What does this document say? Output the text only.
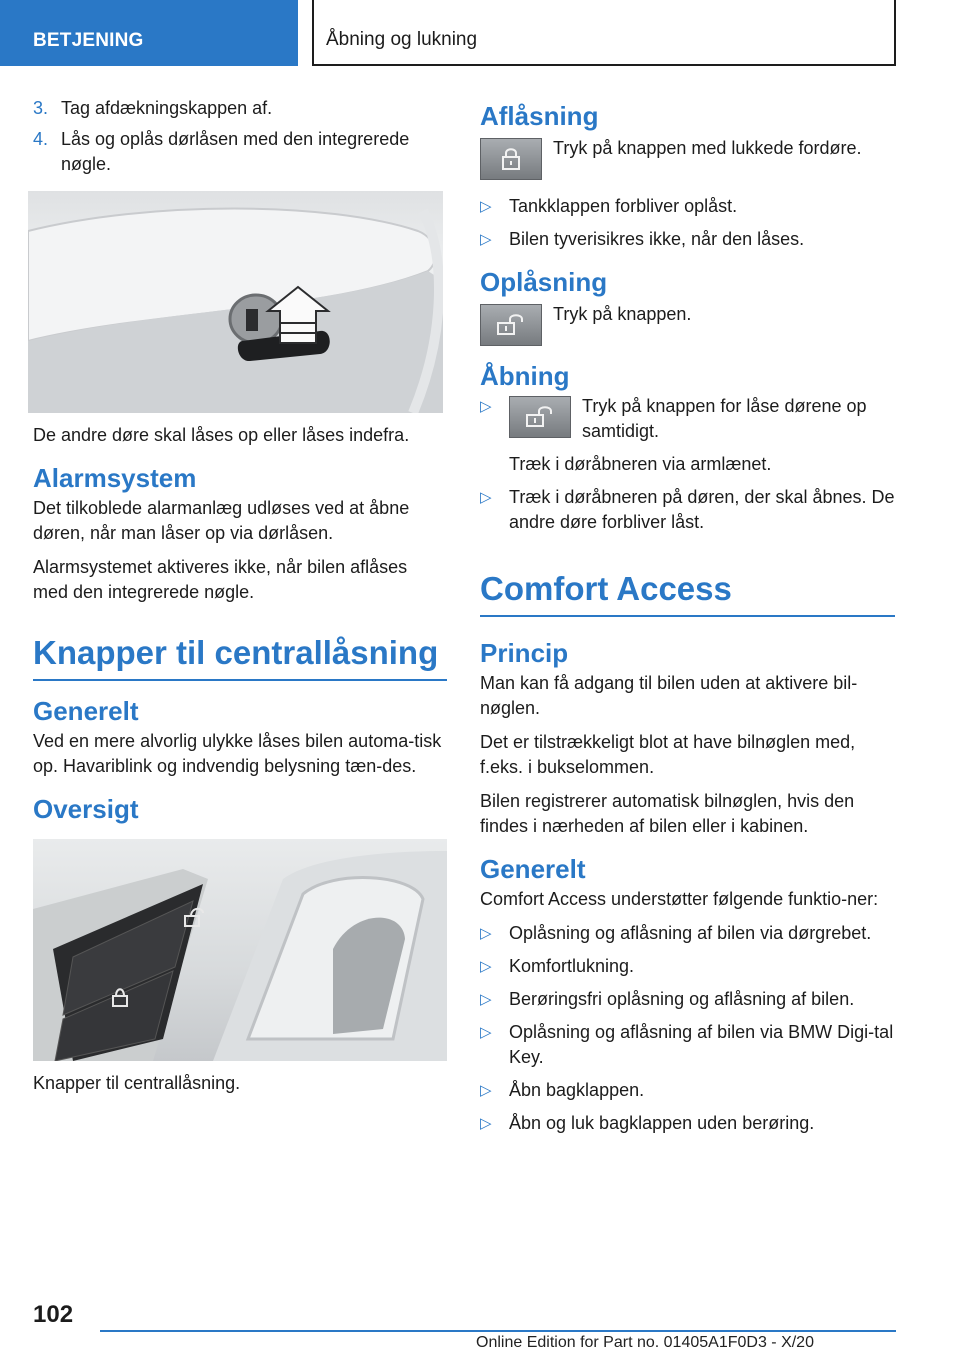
BETJENING	Åbning og lukning
3. Tag afdækningskappen af.
4. Lås og oplås dørlåsen med den integrerede nøgle.
De andre døre skal låses op eller låses indefra.
Alarmsystem
Det tilkoblede alarmanlæg udløses ved at åbne døren, når man låser op via dørlåsen.
Alarmsystemet aktiveres ikke, når bilen aflåses med den integrerede nøgle.
Knapper til centrallåsning
Generelt
Ved en mere alvorlig ulykke låses bilen automa-tisk op. Havariblink og indvendig belysning tæn-des.
Oversigt
Knapper til centrallåsning.
Aflåsning
Tryk på knappen med lukkede fordøre.
▷ Tankklappen forbliver oplåst.
▷ Bilen tyverisikres ikke, når den låses.
Oplåsning
Tryk på knappen.
Åbning
▷	Tryk på knappen for låse dørene op samtidigt.
Træk i døråbneren via armlænet.
▷ Træk i døråbneren på døren, der skal åbnes. De andre døre forbliver låst.
Comfort Access
Princip
Man kan få adgang til bilen uden at aktivere bil-nøglen.
Det er tilstrækkeligt blot at have bilnøglen med, f.eks. i bukselommen.
Bilen registrerer automatisk bilnøglen, hvis den findes i nærheden af bilen eller i kabinen.
Generelt
Comfort Access understøtter følgende funktio-ner:
▷ Oplåsning og aflåsning af bilen via dørgrebet.
▷ Komfortlukning.
▷ Berøringsfri oplåsning og aflåsning af bilen.
▷ Oplåsning og aflåsning af bilen via BMW Digi-tal Key.
▷ Åbn bagklappen.
▷ Åbn og luk bagklappen uden berøring.
102
Online Edition for Part no. 01405A1F0D3 - X/20
